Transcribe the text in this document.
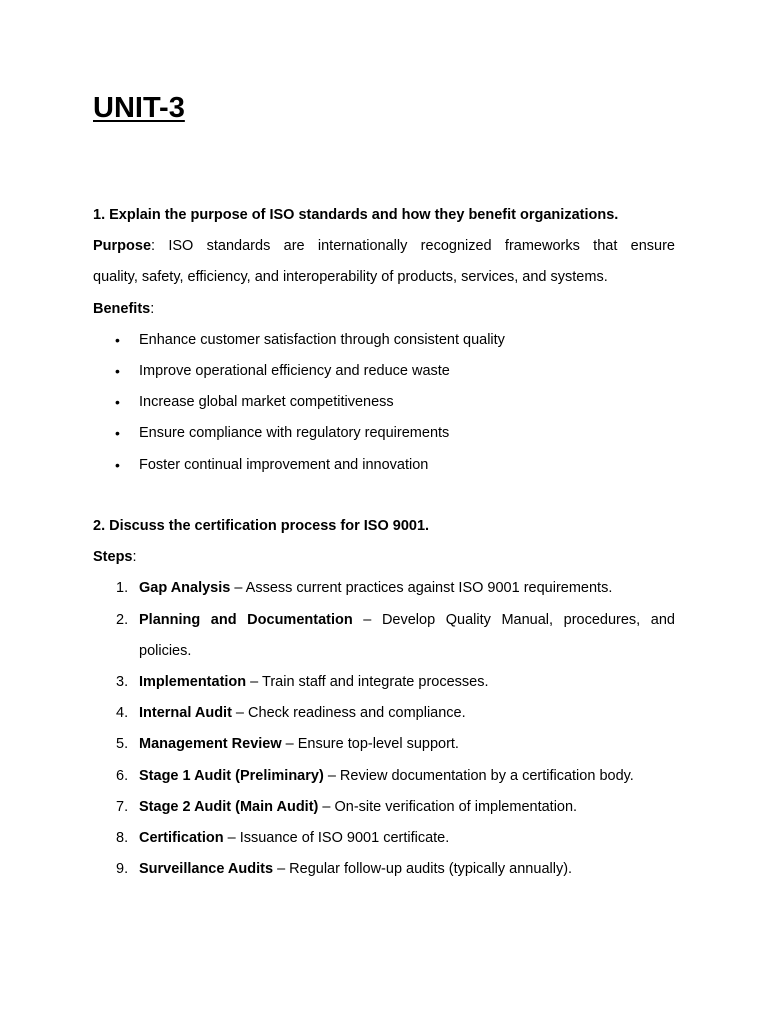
UNIT-3

1. Explain the purpose of ISO standards and how they benefit organizations.

Purpose: ISO standards are internationally recognized frameworks that ensure

quality, safety, efficiency, and interoperability of products, services, and systems.

Benefits:

• Enhance customer satisfaction through consistent quality
• Improve operational efficiency and reduce waste
• Increase global market competitiveness
• Ensure compliance with regulatory requirements
• Foster continual improvement and innovation

2. Discuss the certification process for ISO 9001.

Steps:

1. Gap Analysis – Assess current practices against ISO 9001 requirements.
2. Planning and Documentation – Develop Quality Manual, procedures, and policies.
3. Implementation – Train staff and integrate processes.
4. Internal Audit – Check readiness and compliance.
5. Management Review – Ensure top-level support.
6. Stage 1 Audit (Preliminary) – Review documentation by a certification body.
7. Stage 2 Audit (Main Audit) – On-site verification of implementation.
8. Certification – Issuance of ISO 9001 certificate.
9. Surveillance Audits – Regular follow-up audits (typically annually).
